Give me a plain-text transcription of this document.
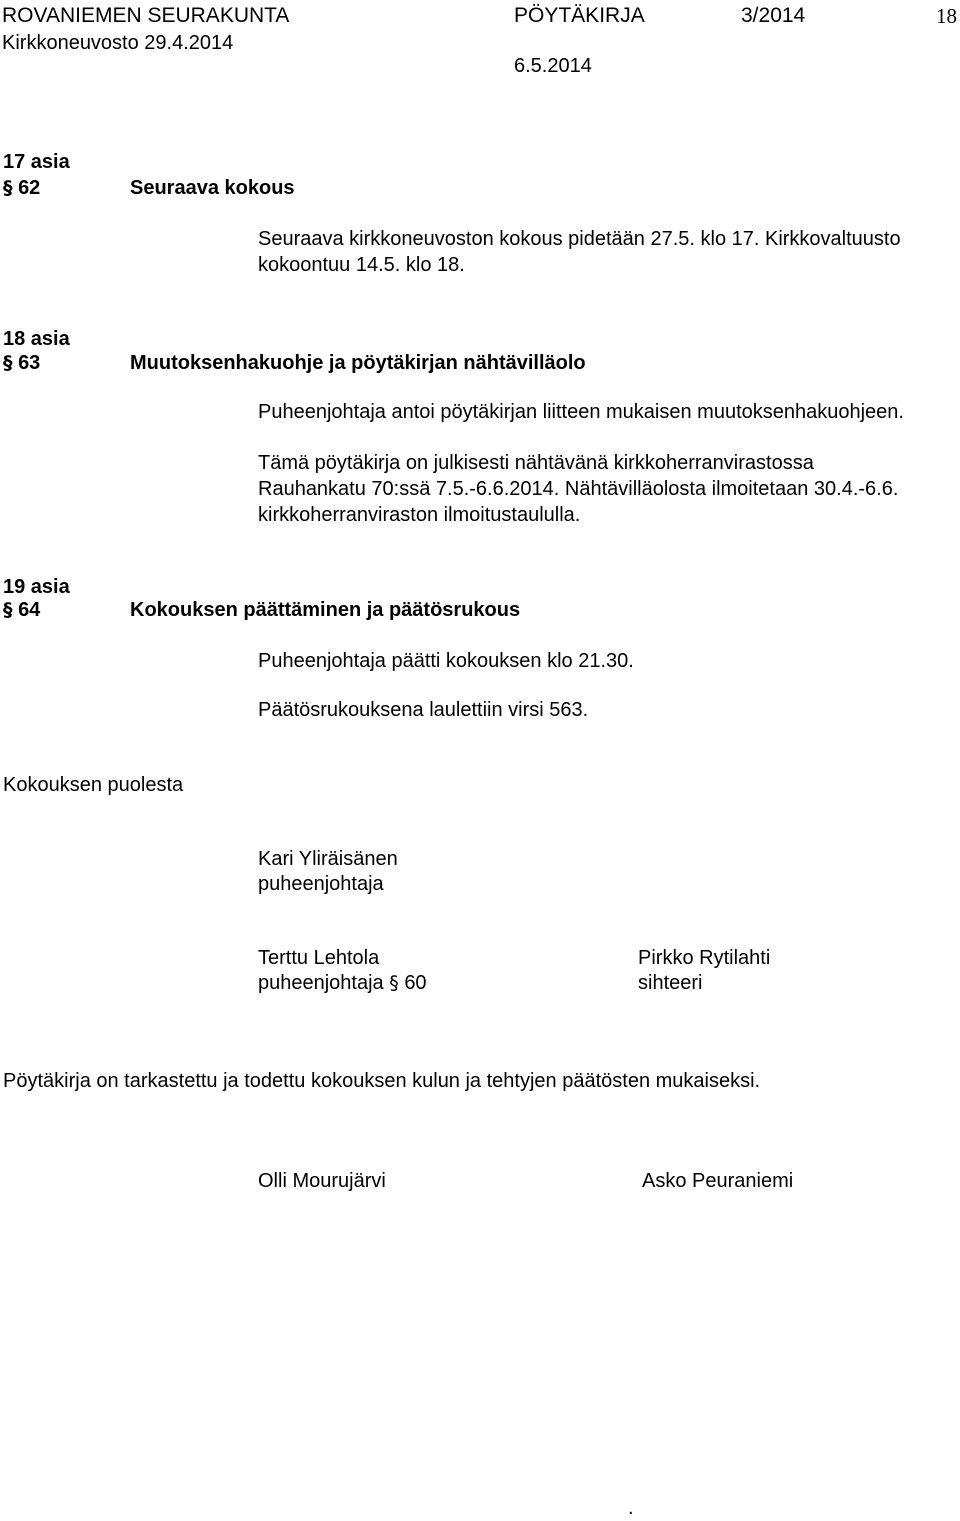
ROVANIEMEN SEURAKUNTA	PÖYTÄKIRJA	3/2014	18
Kirkkoneuvosto 29.4.2014
6.5.2014
17 asia
§ 62	Seuraava kokous
Seuraava kirkkoneuvoston kokous pidetään 27.5. klo 17. Kirkkovaltuusto
kokoontuu 14.5. klo 18.
18 asia
§ 63	Muutoksenhakuohje ja pöytäkirjan nähtävilläolo
Puheenjohtaja antoi pöytäkirjan liitteen mukaisen muutoksenhakuohjeen.
Tämä pöytäkirja on julkisesti nähtävänä kirkkoherranvirastossa
Rauhankatu 70:ssä 7.5.-6.6.2014. Nähtävilläolosta ilmoitetaan 30.4.-6.6.
kirkkoherranviraston ilmoitustaululla.
19 asia
§ 64	Kokouksen päättäminen ja päätösrukous
Puheenjohtaja päätti kokouksen klo 21.30.
Päätösrukouksena laulettiin virsi 563.
Kokouksen puolesta
Kari Yliräisänen
puheenjohtaja
Terttu Lehtola
puheenjohtaja § 60
Pirkko Rytilahti
sihteeri
Pöytäkirja on tarkastettu ja todettu kokouksen kulun ja tehtyjen päätösten mukaiseksi.
Olli Mourujärvi	Asko Peuraniemi
.
